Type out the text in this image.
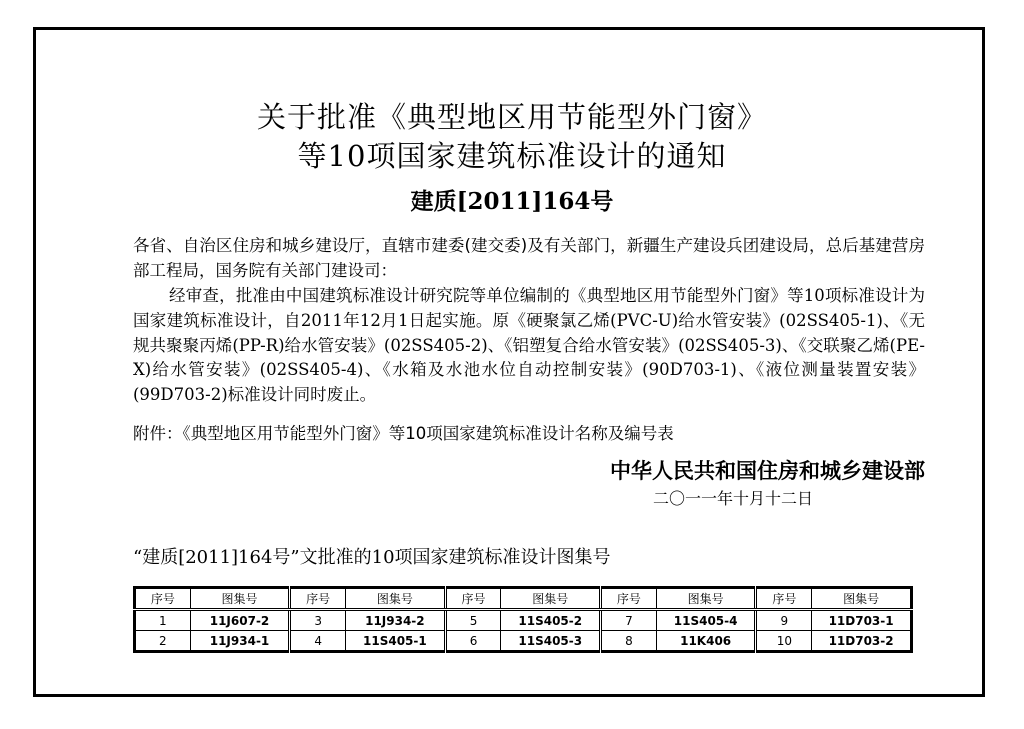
关于批准《典型地区用节能型外门窗》
等10项国家建筑标准设计的通知
建质[2011]164号
各省、自治区住房和城乡建设厅，直辖市建委(建交委)及有关部门，新疆生产建设兵团建设局，总后基建营房部工程局，国务院有关部门建设司：
经审查，批准由中国建筑标准设计研究院等单位编制的《典型地区用节能型外门窗》等10项标准设计为国家建筑标准设计，自2011年12月1日起实施。原《硬聚氯乙烯(PVC-U)给水管安装》(02SS405-1)、《无规共聚聚丙烯(PP-R)给水管安装》(02SS405-2)、《铝塑复合给水管安装》(02SS405-3)、《交联聚乙烯(PE-X)给水管安装》(02SS405-4)、《水箱及水池水位自动控制安装》(90D703-1)、《液位测量装置安装》(99D703-2)标准设计同时废止。
附件：《典型地区用节能型外门窗》等10项国家建筑标准设计名称及编号表
中华人民共和国住房和城乡建设部
二〇一一年十月十二日
“建质[2011]164号”文批准的10项国家建筑标准设计图集号
序号	图集号	序号	图集号	序号	图集号	序号	图集号	序号	图集号
1	11J607-2	3	11J934-2	5	11S405-2	7	11S405-4	9	11D703-1
2	11J934-1	4	11S405-1	6	11S405-3	8	11K406	10	11D703-2
